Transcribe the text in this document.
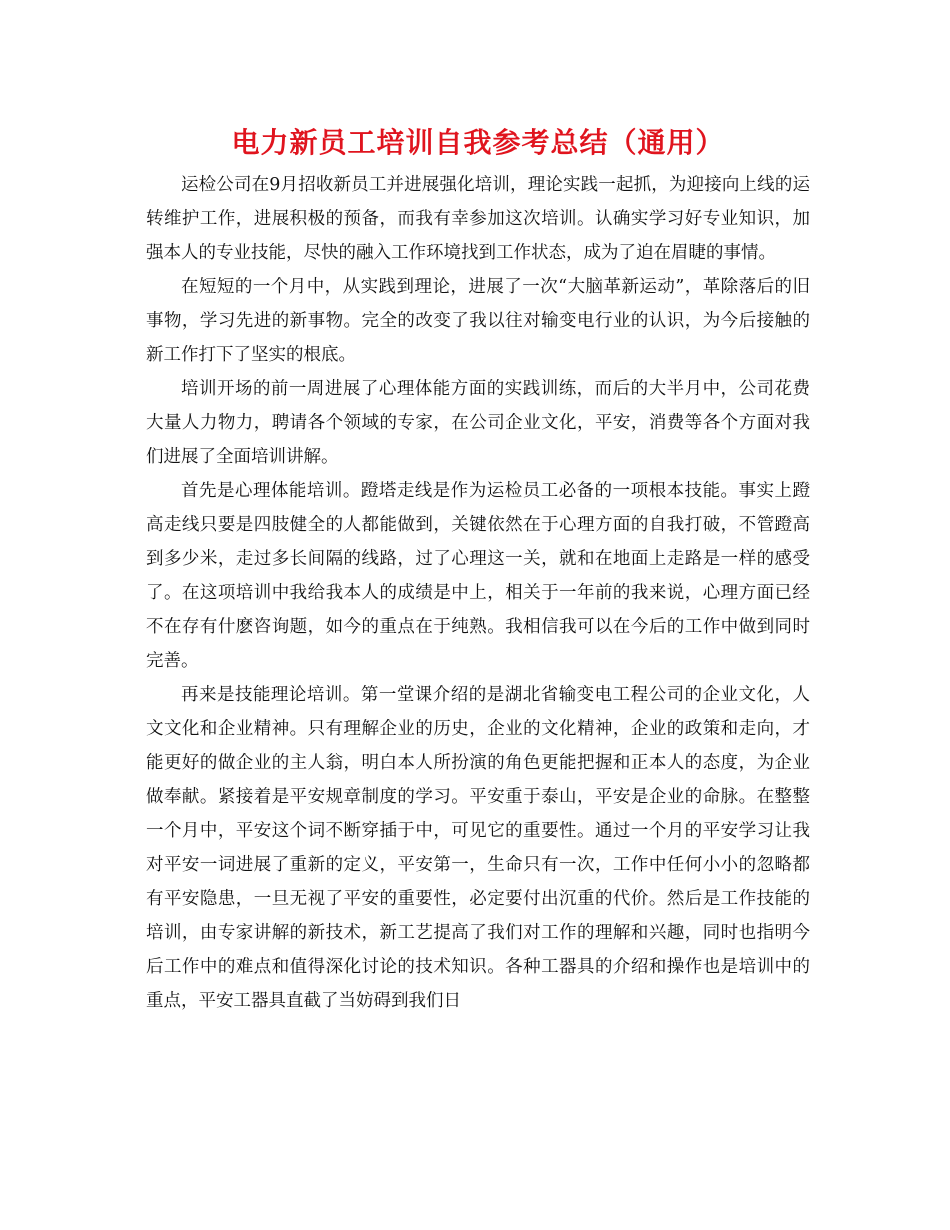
电力新员工培训自我参考总结（通用）

运检公司在9月招收新员工并进展强化培训，理论实践一起抓，为迎接向上线的运转维护工作，进展积极的预备，而我有幸参加这次培训。认确实学习好专业知识，加强本人的专业技能，尽快的融入工作环境找到工作状态，成为了迫在眉睫的事情。

在短短的一个月中，从实践到理论，进展了一次“大脑革新运动”，革除落后的旧事物，学习先进的新事物。完全的改变了我以往对输变电行业的认识，为今后接触的新工作打下了坚实的根底。

培训开场的前一周进展了心理体能方面的实践训练，而后的大半月中，公司花费大量人力物力，聘请各个领域的专家，在公司企业文化，平安，消费等各个方面对我们进展了全面培训讲解。

首先是心理体能培训。蹬塔走线是作为运检员工必备的一项根本技能。事实上蹬高走线只要是四肢健全的人都能做到，关键依然在于心理方面的自我打破，不管蹬高到多少米，走过多长间隔的线路，过了心理这一关，就和在地面上走路是一样的感受了。在这项培训中我给我本人的成绩是中上，相关于一年前的我来说，心理方面已经不在存有什麽咨询题，如今的重点在于纯熟。我相信我可以在今后的工作中做到同时完善。

再来是技能理论培训。第一堂课介绍的是湖北省输变电工程公司的企业文化，人文文化和企业精神。只有理解企业的历史，企业的文化精神，企业的政策和走向，才能更好的做企业的主人翁，明白本人所扮演的角色更能把握和正本人的态度，为企业做奉献。紧接着是平安规章制度的学习。平安重于泰山，平安是企业的命脉。在整整一个月中，平安这个词不断穿插于中，可见它的重要性。通过一个月的平安学习让我对平安一词进展了重新的定义，平安第一，生命只有一次，工作中任何小小的忽略都有平安隐患，一旦无视了平安的重要性，必定要付出沉重的代价。然后是工作技能的培训，由专家讲解的新技术，新工艺提高了我们对工作的理解和兴趣，同时也指明今后工作中的难点和值得深化讨论的技术知识。各种工器具的介绍和操作也是培训中的重点，平安工器具直截了当妨碍到我们日
